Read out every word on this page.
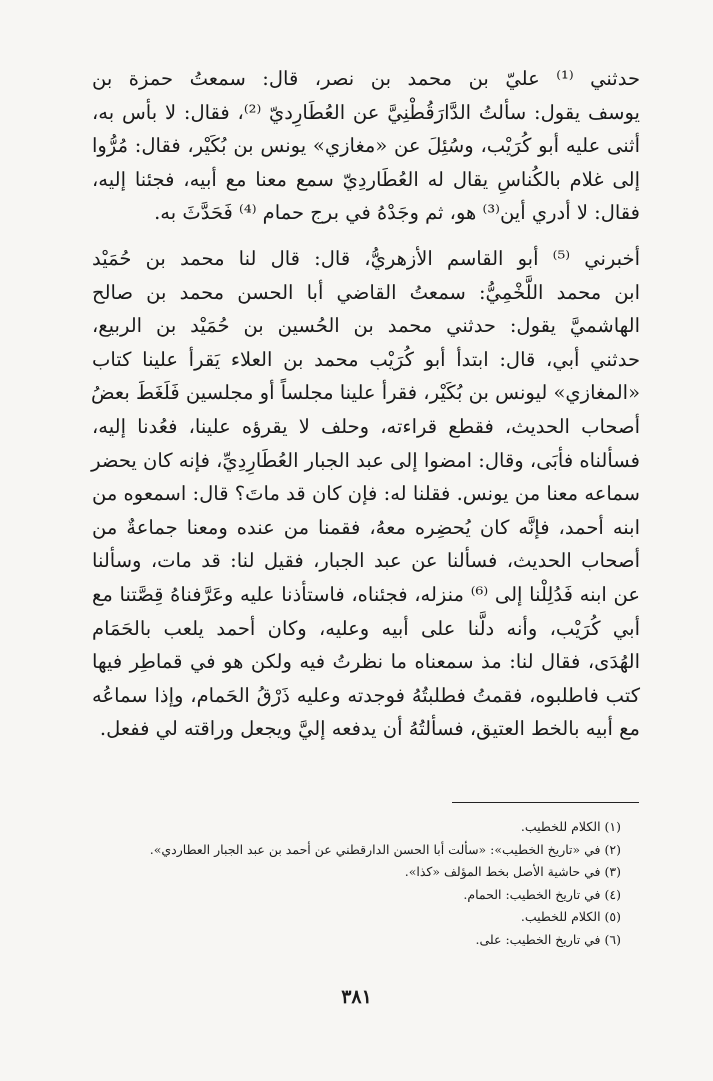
حدثني ⁽¹⁾ عليّ بن محمد بن نصر، قال: سمعتُ حمزة بن
يوسف يقول: سألتُ الدَّارَقُطْنِيَّ عن العُطَارِديّ ⁽²⁾، فقال: لا بأس به،
أثنى عليه أبو كُرَيْب، وسُئِلَ عن «مغازي» يونس بن بُكَيْر، فقال: مُرُّوا
إلى غلام بالكُناسِ يقال له العُطَاردِيّ سمع معنا مع أبيه، فجئنا إليه،
فقال: لا أدري أين⁽³⁾ هو، ثم وجَدْهُ في برج حمام ⁽⁴⁾ فَحَدَّثَ به.

أخبرني ⁽⁵⁾ أبو القاسم الأزهريُّ، قال: قال لنا محمد بن حُمَيْد
ابن محمد اللَّخْمِيُّ: سمعتُ القاضي أبا الحسن محمد بن صالح
الهاشميَّ يقول: حدثني محمد بن الحُسين بن حُمَيْد بن الربيع،
حدثني أبي، قال: ابتدأ أبو كُرَيْب محمد بن العلاء يَقرأ علينا كتاب
«المغازي» ليونس بن بُكَيْر، فقرأ علينا مجلساً أو مجلسين فَلَغَطَ بعضُ
أصحاب الحديث، فقطع قراءته، وحلف لا يقرؤه علينا، فعُدنا إليه،
فسألناه فأبَى، وقال: امضوا إلى عبد الجبار العُطَارِدِيِّ، فإنه كان يحضر
سماعه معنا من يونس. فقلنا له: فإن كان قد ماتَ؟ قال: اسمعوه من
ابنه أحمد، فإنَّه كان يُحضِره معهُ، فقمنا من عنده ومعنا جماعةٌ من
أصحاب الحديث، فسألنا عن عبد الجبار، فقيل لنا: قد مات، وسألنا
عن ابنه فَدُلِلْنا إلى ⁽⁶⁾ منزله، فجئناه، فاستأذنا عليه وعَرَّفناهُ قِصَّتنا مع
أبي كُرَيْب، وأنه دلَّنا على أبيه وعليه، وكان أحمد يلعب بالحَمَام
الهُدَى، فقال لنا: مذ سمعناه ما نظرتُ فيه ولكن هو في قماطِر فيها
كتب فاطلبوه، فقمتُ فطلبتُهُ فوجدته وعليه ذَرْقُ الحَمام، وإذا سماعُه
مع أبيه بالخط العتيق، فسألتُهُ أن يدفعه إليَّ ويجعل وراقته لي ففعل.

(١) الكلام للخطيب.
(٢) في «تاريخ الخطيب»: «سألت أبا الحسن الدارقطني عن أحمد بن عبد الجبار العطاردي».
(٣) في حاشية الأصل بخط المؤلف «كذا».
(٤) في تاريخ الخطيب: الحمام.
(٥) الكلام للخطيب.
(٦) في تاريخ الخطيب: على.
٣٨١
